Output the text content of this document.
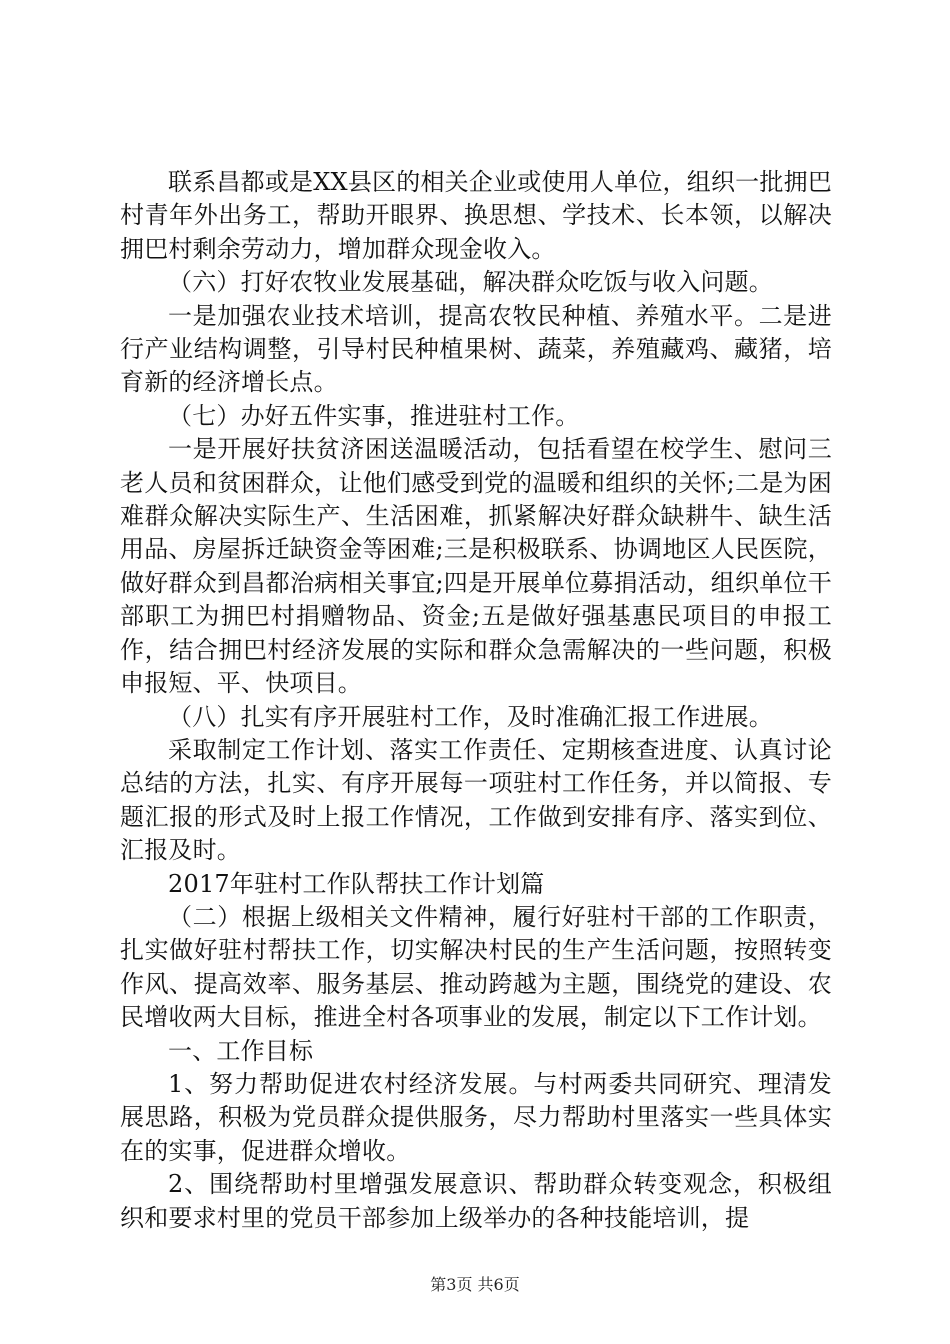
联系昌都或是XX县区的相关企业或使用人单位，组织一批拥巴村青年外出务工，帮助开眼界、换思想、学技术、长本领，以解决拥巴村剩余劳动力，增加群众现金收入。

（六）打好农牧业发展基础，解决群众吃饭与收入问题。

一是加强农业技术培训，提高农牧民种植、养殖水平。二是进行产业结构调整，引导村民种植果树、蔬菜，养殖藏鸡、藏猪，培育新的经济增长点。

（七）办好五件实事，推进驻村工作。

一是开展好扶贫济困送温暖活动，包括看望在校学生、慰问三老人员和贫困群众，让他们感受到党的温暖和组织的关怀;二是为困难群众解决实际生产、生活困难，抓紧解决好群众缺耕牛、缺生活用品、房屋拆迁缺资金等困难;三是积极联系、协调地区人民医院，做好群众到昌都治病相关事宜;四是开展单位募捐活动，组织单位干部职工为拥巴村捐赠物品、资金;五是做好强基惠民项目的申报工作，结合拥巴村经济发展的实际和群众急需解决的一些问题，积极申报短、平、快项目。

（八）扎实有序开展驻村工作，及时准确汇报工作进展。

采取制定工作计划、落实工作责任、定期核查进度、认真讨论总结的方法，扎实、有序开展每一项驻村工作任务，并以简报、专题汇报的形式及时上报工作情况，工作做到安排有序、落实到位、汇报及时。

2017年驻村工作队帮扶工作计划篇

（二）根据上级相关文件精神，履行好驻村干部的工作职责，扎实做好驻村帮扶工作，切实解决村民的生产生活问题，按照转变作风、提高效率、服务基层、推动跨越为主题，围绕党的建设、农民增收两大目标，推进全村各项事业的发展，制定以下工作计划。

一、工作目标

1、努力帮助促进农村经济发展。与村两委共同研究、理清发展思路，积极为党员群众提供服务，尽力帮助村里落实一些具体实在的实事，促进群众增收。

2、围绕帮助村里增强发展意识、帮助群众转变观念，积极组织和要求村里的党员干部参加上级举办的各种技能培训，提

第3页 共6页
